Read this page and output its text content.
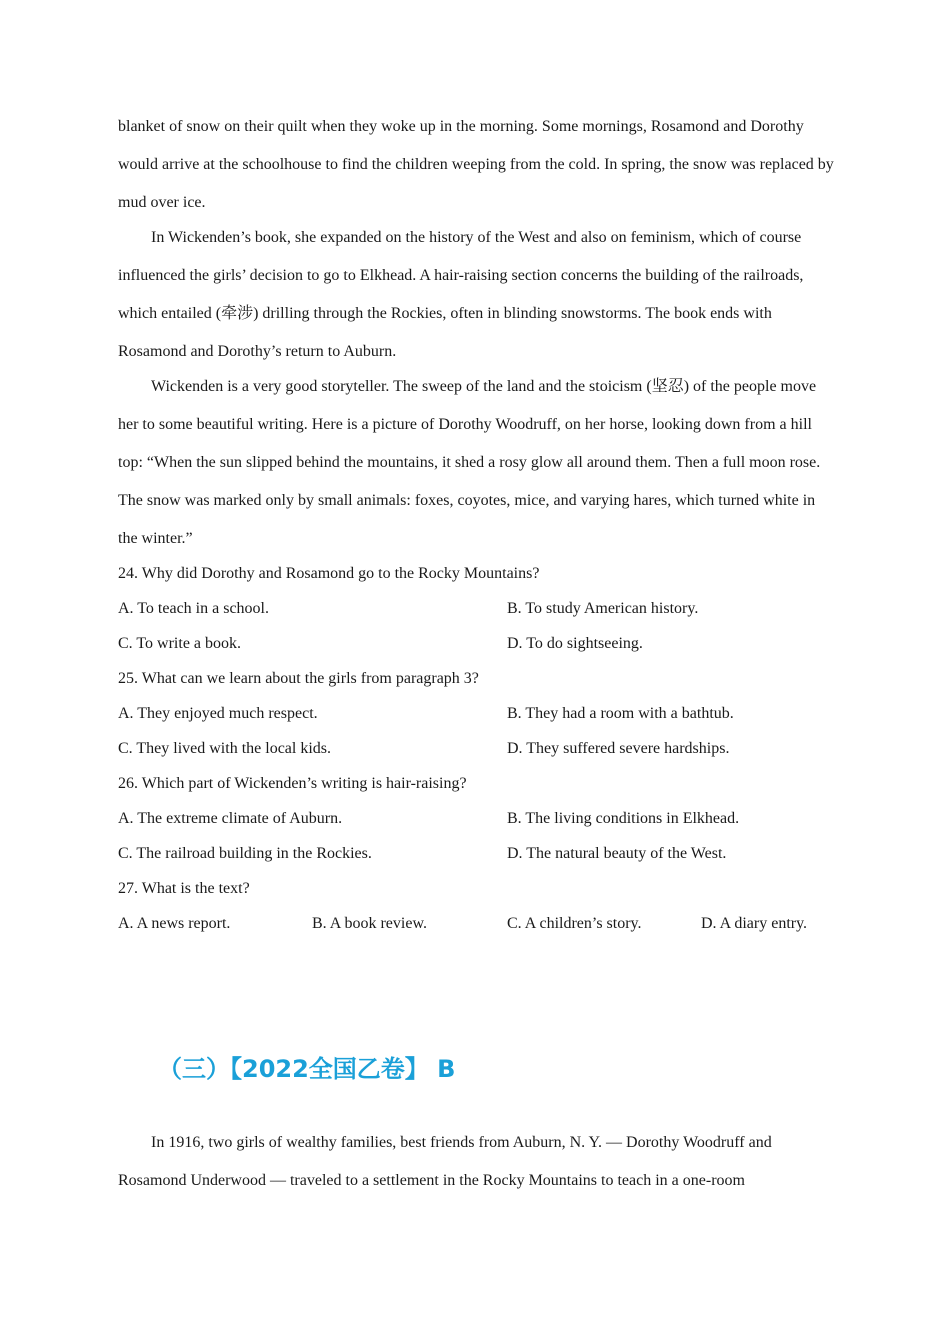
blanket of snow on their quilt when they woke up in the morning. Some mornings, Rosamond and Dorothy would arrive at the schoolhouse to find the children weeping from the cold. In spring, the snow was replaced by mud over ice.

In Wickenden’s book, she expanded on the history of the West and also on feminism, which of course influenced the girls’ decision to go to Elkhead. A hair-raising section concerns the building of the railroads, which entailed (牵涉) drilling through the Rockies, often in blinding snowstorms. The book ends with Rosamond and Dorothy’s return to Auburn.

Wickenden is a very good storyteller. The sweep of the land and the stoicism (坚忍) of the people move her to some beautiful writing. Here is a picture of Dorothy Woodruff, on her horse, looking down from a hill top: “When the sun slipped behind the mountains, it shed a rosy glow all around them. Then a full moon rose. The snow was marked only by small animals: foxes, coyotes, mice, and varying hares, which turned white in the winter.”

24. Why did Dorothy and Rosamond go to the Rocky Mountains?
A. To teach in a school.	B. To study American history.
C. To write a book.	D. To do sightseeing.
25. What can we learn about the girls from paragraph 3?
A. They enjoyed much respect.	B. They had a room with a bathtub.
C. They lived with the local kids.	D. They suffered severe hardships.
26. Which part of Wickenden’s writing is hair-raising?
A. The extreme climate of Auburn.	B. The living conditions in Elkhead.
C. The railroad building in the Rockies.	D. The natural beauty of the West.
27. What is the text?
A. A news report.	B. A book review.	C. A children’s story.	D. A diary entry.
（三）【2022全国乙卷】 B

In 1916, two girls of wealthy families, best friends from Auburn, N. Y. — Dorothy Woodruff and Rosamond Underwood — traveled to a settlement in the Rocky Mountains to teach in a one-room
